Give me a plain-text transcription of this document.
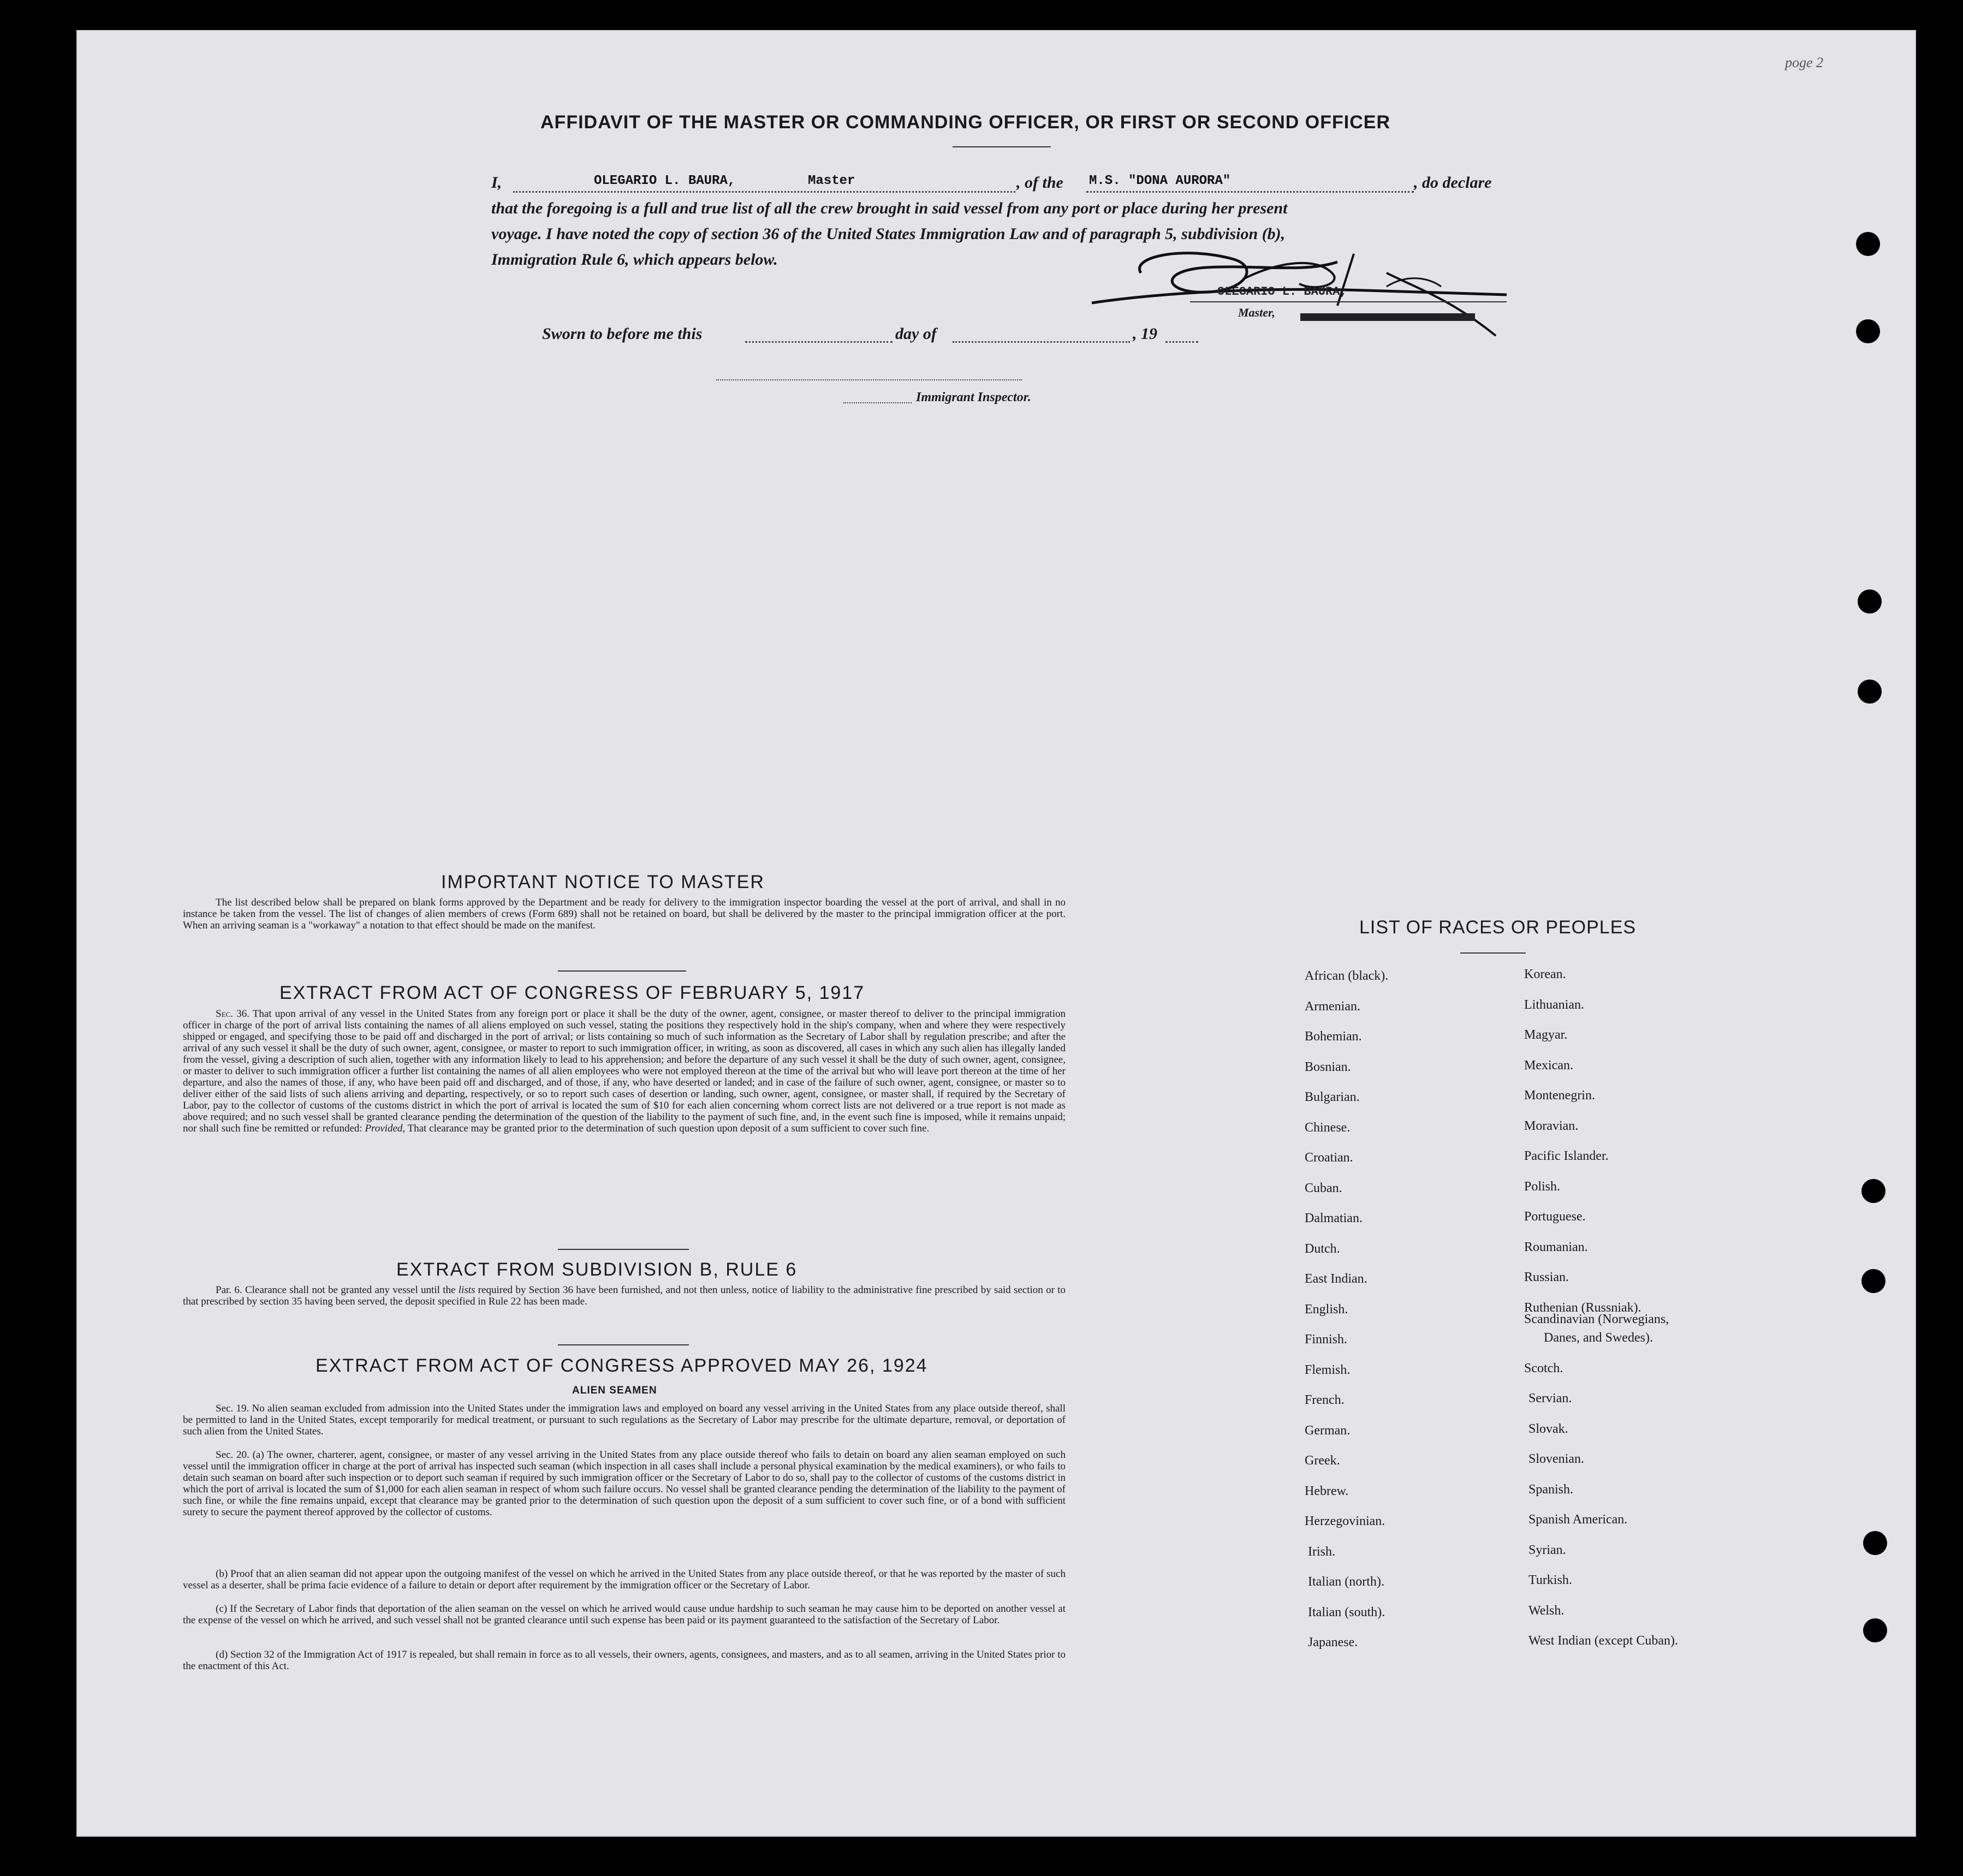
poge 2
AFFIDAVIT OF THE MASTER OR COMMANDING OFFICER, OR FIRST OR SECOND OFFICER
I,	OLEGARIO L. BAURA,	Master	, of the M.S. "DONA AURORA"	, do declare
that the foregoing is a full and true list of all the crew brought in said vessel from any port or place during her present
voyage. I have noted the copy of section 36 of the United States Immigration Law and of paragraph 5, subdivision (b),
Immigration Rule 6, which appears below.
OLEGARIO L. BAURA,
Master,
Sworn to before me this	day of	, 19
Immigrant Inspector.
IMPORTANT NOTICE TO MASTER
The list described below shall be prepared on blank forms approved by the Department and be ready for delivery to the immigration inspector boarding the vessel at the port of arrival, and shall in no instance be taken from the vessel. The list of changes of alien members of crews (Form 689) shall not be retained on board, but shall be delivered by the master to the principal immigration officer at the port. When an arriving seaman is a "workaway" a notation to that effect should be made on the manifest.
EXTRACT FROM ACT OF CONGRESS OF FEBRUARY 5, 1917
Sec. 36. That upon arrival of any vessel in the United States from any foreign port or place it shall be the duty of the owner, agent, consignee, or master thereof to deliver to the principal immigration officer in charge of the port of arrival lists containing the names of all aliens employed on such vessel, stating the positions they respectively hold in the ship's company, when and where they were respectively shipped or engaged, and specifying those to be paid off and discharged in the port of arrival; or lists containing so much of such information as the Secretary of Labor shall by regulation prescribe; and after the arrival of any such vessel it shall be the duty of such owner, agent, consignee, or master to report to such immigration officer, in writing, as soon as discovered, all cases in which any such alien has illegally landed from the vessel, giving a description of such alien, together with any information likely to lead to his apprehension; and before the departure of any such vessel it shall be the duty of such owner, agent, consignee, or master to deliver to such immigration officer a further list containing the names of all alien employees who were not employed thereon at the time of the arrival but who will leave port thereon at the time of her departure, and also the names of those, if any, who have been paid off and discharged, and of those, if any, who have deserted or landed; and in case of the failure of such owner, agent, consignee, or master so to deliver either of the said lists of such aliens arriving and departing, respectively, or so to report such cases of desertion or landing, such owner, agent, consignee, or master shall, if required by the Secretary of Labor, pay to the collector of customs of the customs district in which the port of arrival is located the sum of $10 for each alien concerning whom correct lists are not delivered or a true report is not made as above required; and no such vessel shall be granted clearance pending the determination of the question of the liability to the payment of such fine, and, in the event such fine is imposed, while it remains unpaid; nor shall such fine be remitted or refunded: Provided, That clearance may be granted prior to the determination of such question upon deposit of a sum sufficient to cover such fine.
EXTRACT FROM SUBDIVISION B, RULE 6
Par. 6. Clearance shall not be granted any vessel until the lists required by Section 36 have been furnished, and not then unless, notice of liability to the administrative fine prescribed by said section or to that prescribed by section 35 having been served, the deposit specified in Rule 22 has been made.
EXTRACT FROM ACT OF CONGRESS APPROVED MAY 26, 1924
ALIEN SEAMEN
Sec. 19. No alien seaman excluded from admission into the United States under the immigration laws and employed on board any vessel arriving in the United States from any place outside thereof, shall be permitted to land in the United States, except temporarily for medical treatment, or pursuant to such regulations as the Secretary of Labor may prescribe for the ultimate departure, removal, or deportation of such alien from the United States.
Sec. 20. (a) The owner, charterer, agent, consignee, or master of any vessel arriving in the United States from any place outside thereof who fails to detain on board any alien seaman employed on such vessel until the immigration officer in charge at the port of arrival has inspected such seaman (which inspection in all cases shall include a personal physical examination by the medical examiners), or who fails to detain such seaman on board after such inspection or to deport such seaman if required by such immigration officer or the Secretary of Labor to do so, shall pay to the collector of customs of the customs district in which the port of arrival is located the sum of $1,000 for each alien seaman in respect of whom such failure occurs. No vessel shall be granted clearance pending the determination of the liability to the payment of such fine, or while the fine remains unpaid, except that clearance may be granted prior to the determination of such question upon the deposit of a sum sufficient to cover such fine, or of a bond with sufficient surety to secure the payment thereof approved by the collector of customs.
(b) Proof that an alien seaman did not appear upon the outgoing manifest of the vessel on which he arrived in the United States from any place outside thereof, or that he was reported by the master of such vessel as a deserter, shall be prima facie evidence of a failure to detain or deport after requirement by the immigration officer or the Secretary of Labor.
(c) If the Secretary of Labor finds that deportation of the alien seaman on the vessel on which he arrived would cause undue hardship to such seaman he may cause him to be deported on another vessel at the expense of the vessel on which he arrived, and such vessel shall not be granted clearance until such expense has been paid or its payment guaranteed to the satisfaction of the Secretary of Labor.
(d) Section 32 of the Immigration Act of 1917 is repealed, but shall remain in force as to all vessels, their owners, agents, consignees, and masters, and as to all seamen, arriving in the United States prior to the enactment of this Act.
LIST OF RACES OR PEOPLES
African (black).
Armenian.
Bohemian.
Bosnian.
Bulgarian.
Chinese.
Croatian.
Cuban.
Dalmatian.
Dutch.
East Indian.
English.
Finnish.
Flemish.
French.
German.
Greek.
Hebrew.
Herzegovinian.
Irish.
Italian (north).
Italian (south).
Japanese.
Korean.
Lithuanian.
Magyar.
Mexican.
Montenegrin.
Moravian.
Pacific Islander.
Polish.
Portuguese.
Roumanian.
Russian.
Ruthenian (Russniak).
Scandinavian (Norwegians,
Danes, and Swedes).
Scotch.
Servian.
Slovak.
Slovenian.
Spanish.
Spanish American.
Syrian.
Turkish.
Welsh.
West Indian (except Cuban).
